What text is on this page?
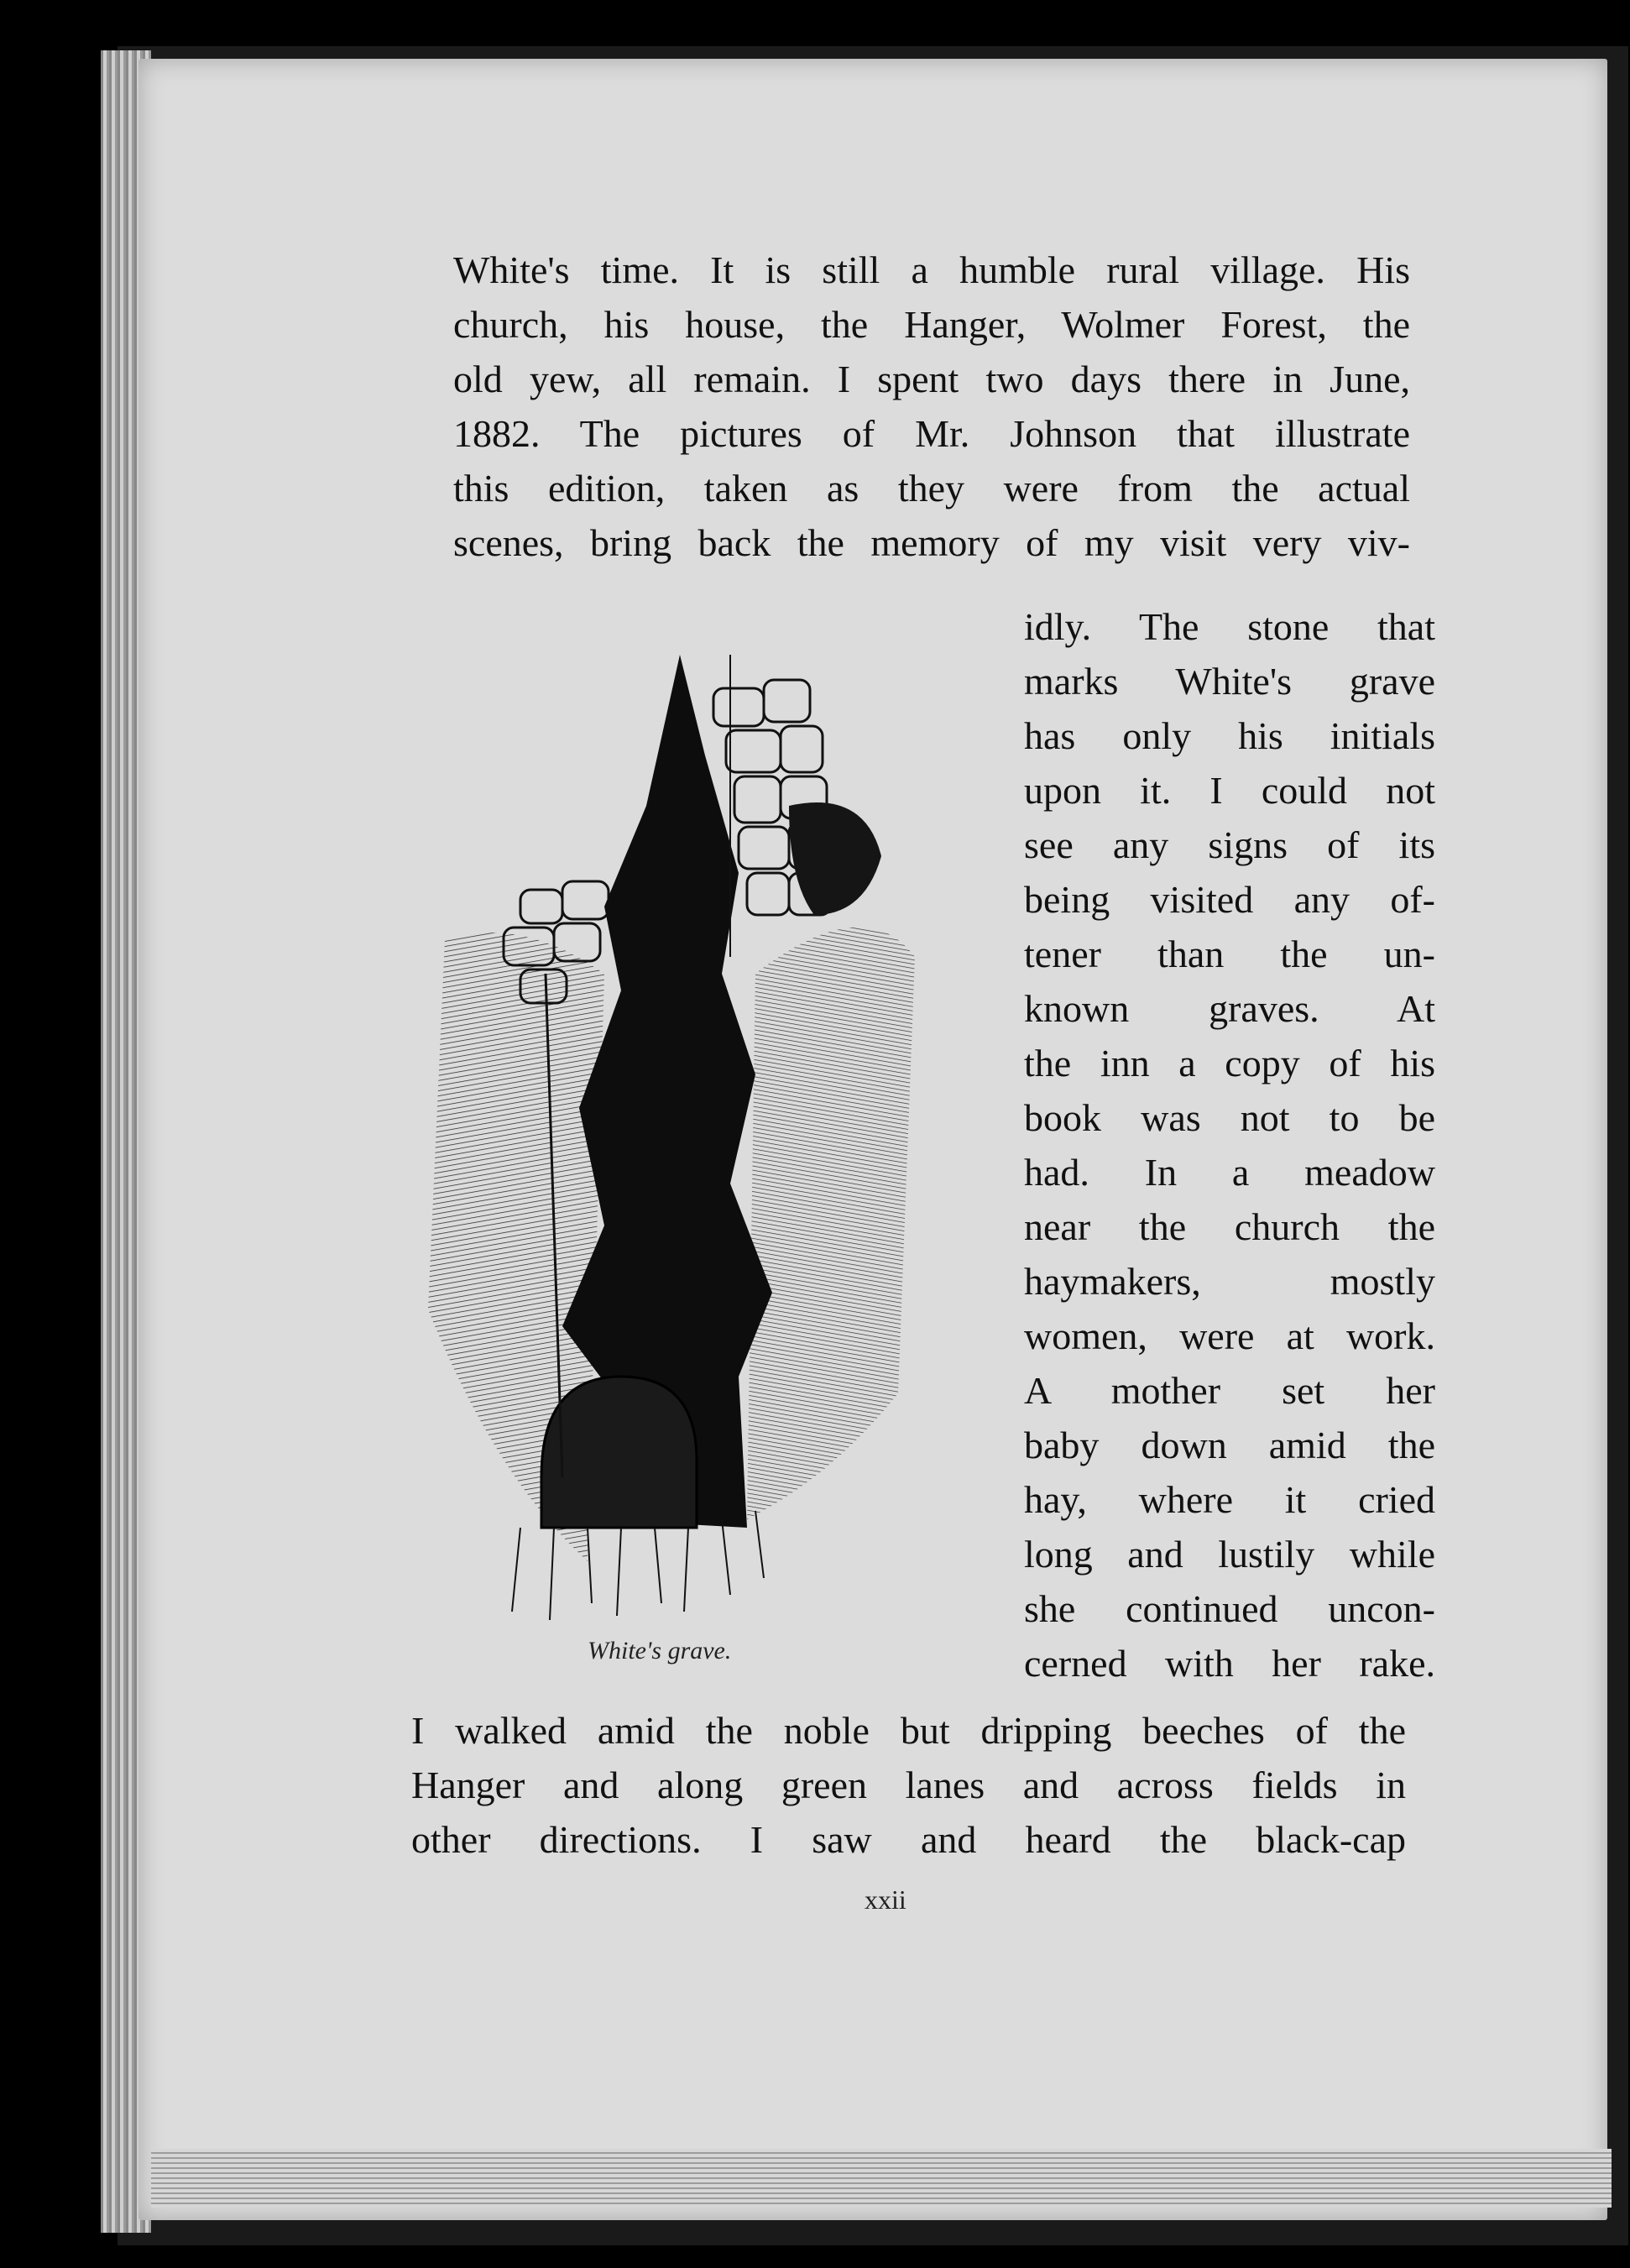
White's time. It is still a humble rural village. His
church, his house, the Hanger, Wolmer Forest, the
old yew, all remain. I spent two days there in June,
1882. The pictures of Mr. Johnson that illustrate
this edition, taken as they were from the actual
scenes, bring back the memory of my visit very viv-
White's grave.
idly. The stone that
marks White's grave
has only his initials
upon it. I could not
see any signs of its
being visited any of-
tener than the un-
known graves. At
the inn a copy of his
book was not to be
had. In a meadow
near the church the
haymakers, mostly
women, were at work.
A mother set her
baby down amid the
hay, where it cried
long and lustily while
she continued uncon-
cerned with her rake.
I walked amid the noble but dripping beeches of the
Hanger and along green lanes and across fields in
other directions. I saw and heard the black-cap
xxii
